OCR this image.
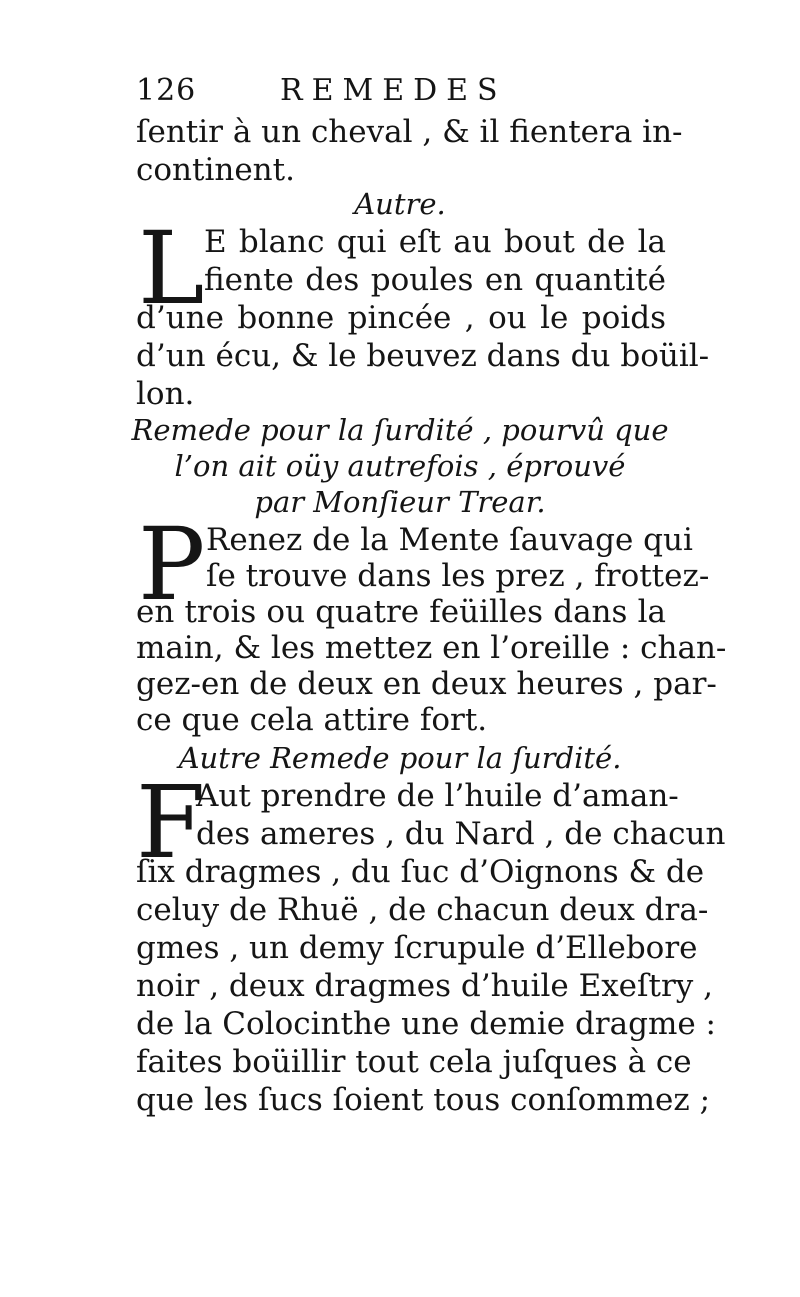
126	REMEDES
ſentir à un cheval , & il fientera in-
continent.
Autre.
L E blanc qui eſt au bout de la
fiente des poules en quantité
d’une bonne pincée , ou le poids
d’un écu, & le beuvez dans du boüil-
lon.
Remede pour la ſurdité , pourvû que
l’on ait oüy autrefois , éprouvé
par Monſieur Trear.
P Renez de la Mente ſauvage qui
ſe trouve dans les prez , frottez-
en trois ou quatre feüilles dans la
main, & les mettez en l’oreille : chan-
gez-en de deux en deux heures , par-
ce que cela attire fort.
Autre Remede pour la ſurdité.
F
Aut prendre de l’huile d’aman-
des ameres , du Nard , de chacun
ſix dragmes , du ſuc d’Oignons & de
celuy de Rhuë , de chacun deux dra-
gmes , un demy ſcrupule d’Ellebore
noir , deux dragmes d’huile Exeſtry ,
de la Colocinthe une demie dragme :
faites boüillir tout cela juſques à ce
que les ſucs ſoient tous conſommez ;
